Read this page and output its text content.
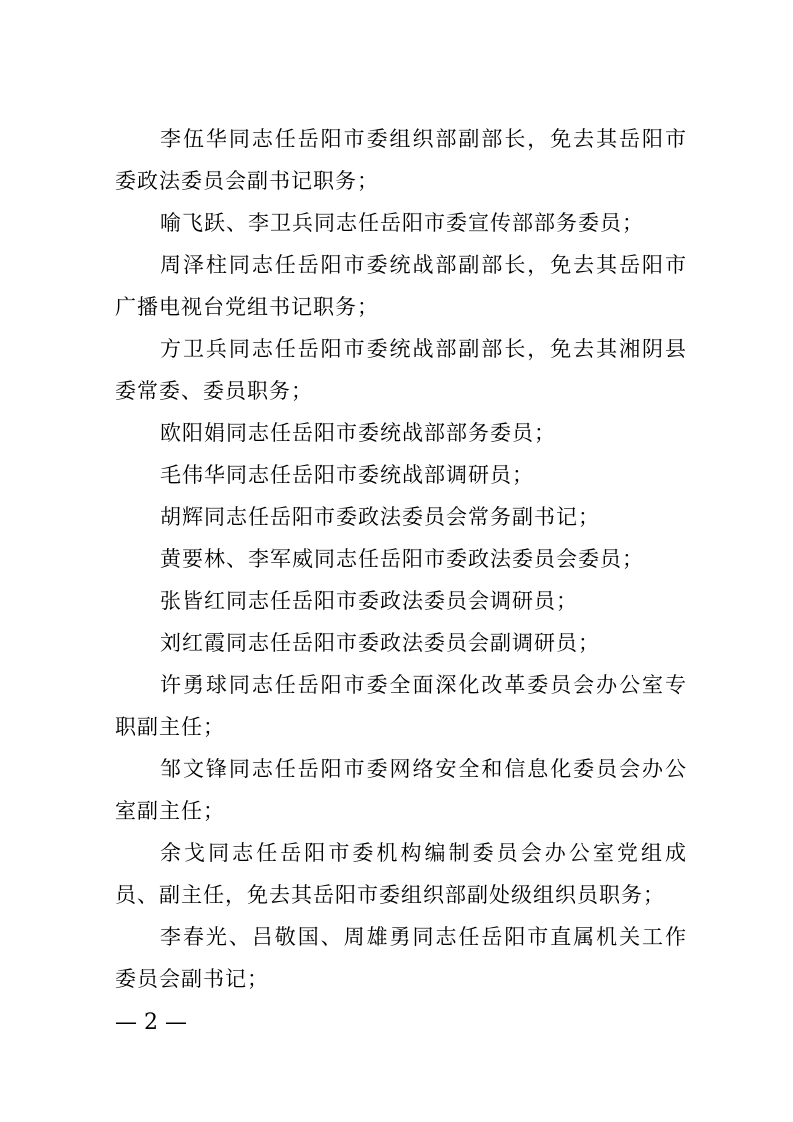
李伍华同志任岳阳市委组织部副部长，免去其岳阳市委政法委员会副书记职务；

喻飞跃、李卫兵同志任岳阳市委宣传部部务委员；

周泽柱同志任岳阳市委统战部副部长，免去其岳阳市广播电视台党组书记职务；

方卫兵同志任岳阳市委统战部副部长，免去其湘阴县委常委、委员职务；

欧阳娟同志任岳阳市委统战部部务委员；

毛伟华同志任岳阳市委统战部调研员；

胡辉同志任岳阳市委政法委员会常务副书记；

黄要林、李军威同志任岳阳市委政法委员会委员；

张皆红同志任岳阳市委政法委员会调研员；

刘红霞同志任岳阳市委政法委员会副调研员；

许勇球同志任岳阳市委全面深化改革委员会办公室专职副主任；

邹文锋同志任岳阳市委网络安全和信息化委员会办公室副主任；

余戈同志任岳阳市委机构编制委员会办公室党组成员、副主任，免去其岳阳市委组织部副处级组织员职务；

李春光、吕敬国、周雄勇同志任岳阳市直属机关工作委员会副书记；

— 2 —
